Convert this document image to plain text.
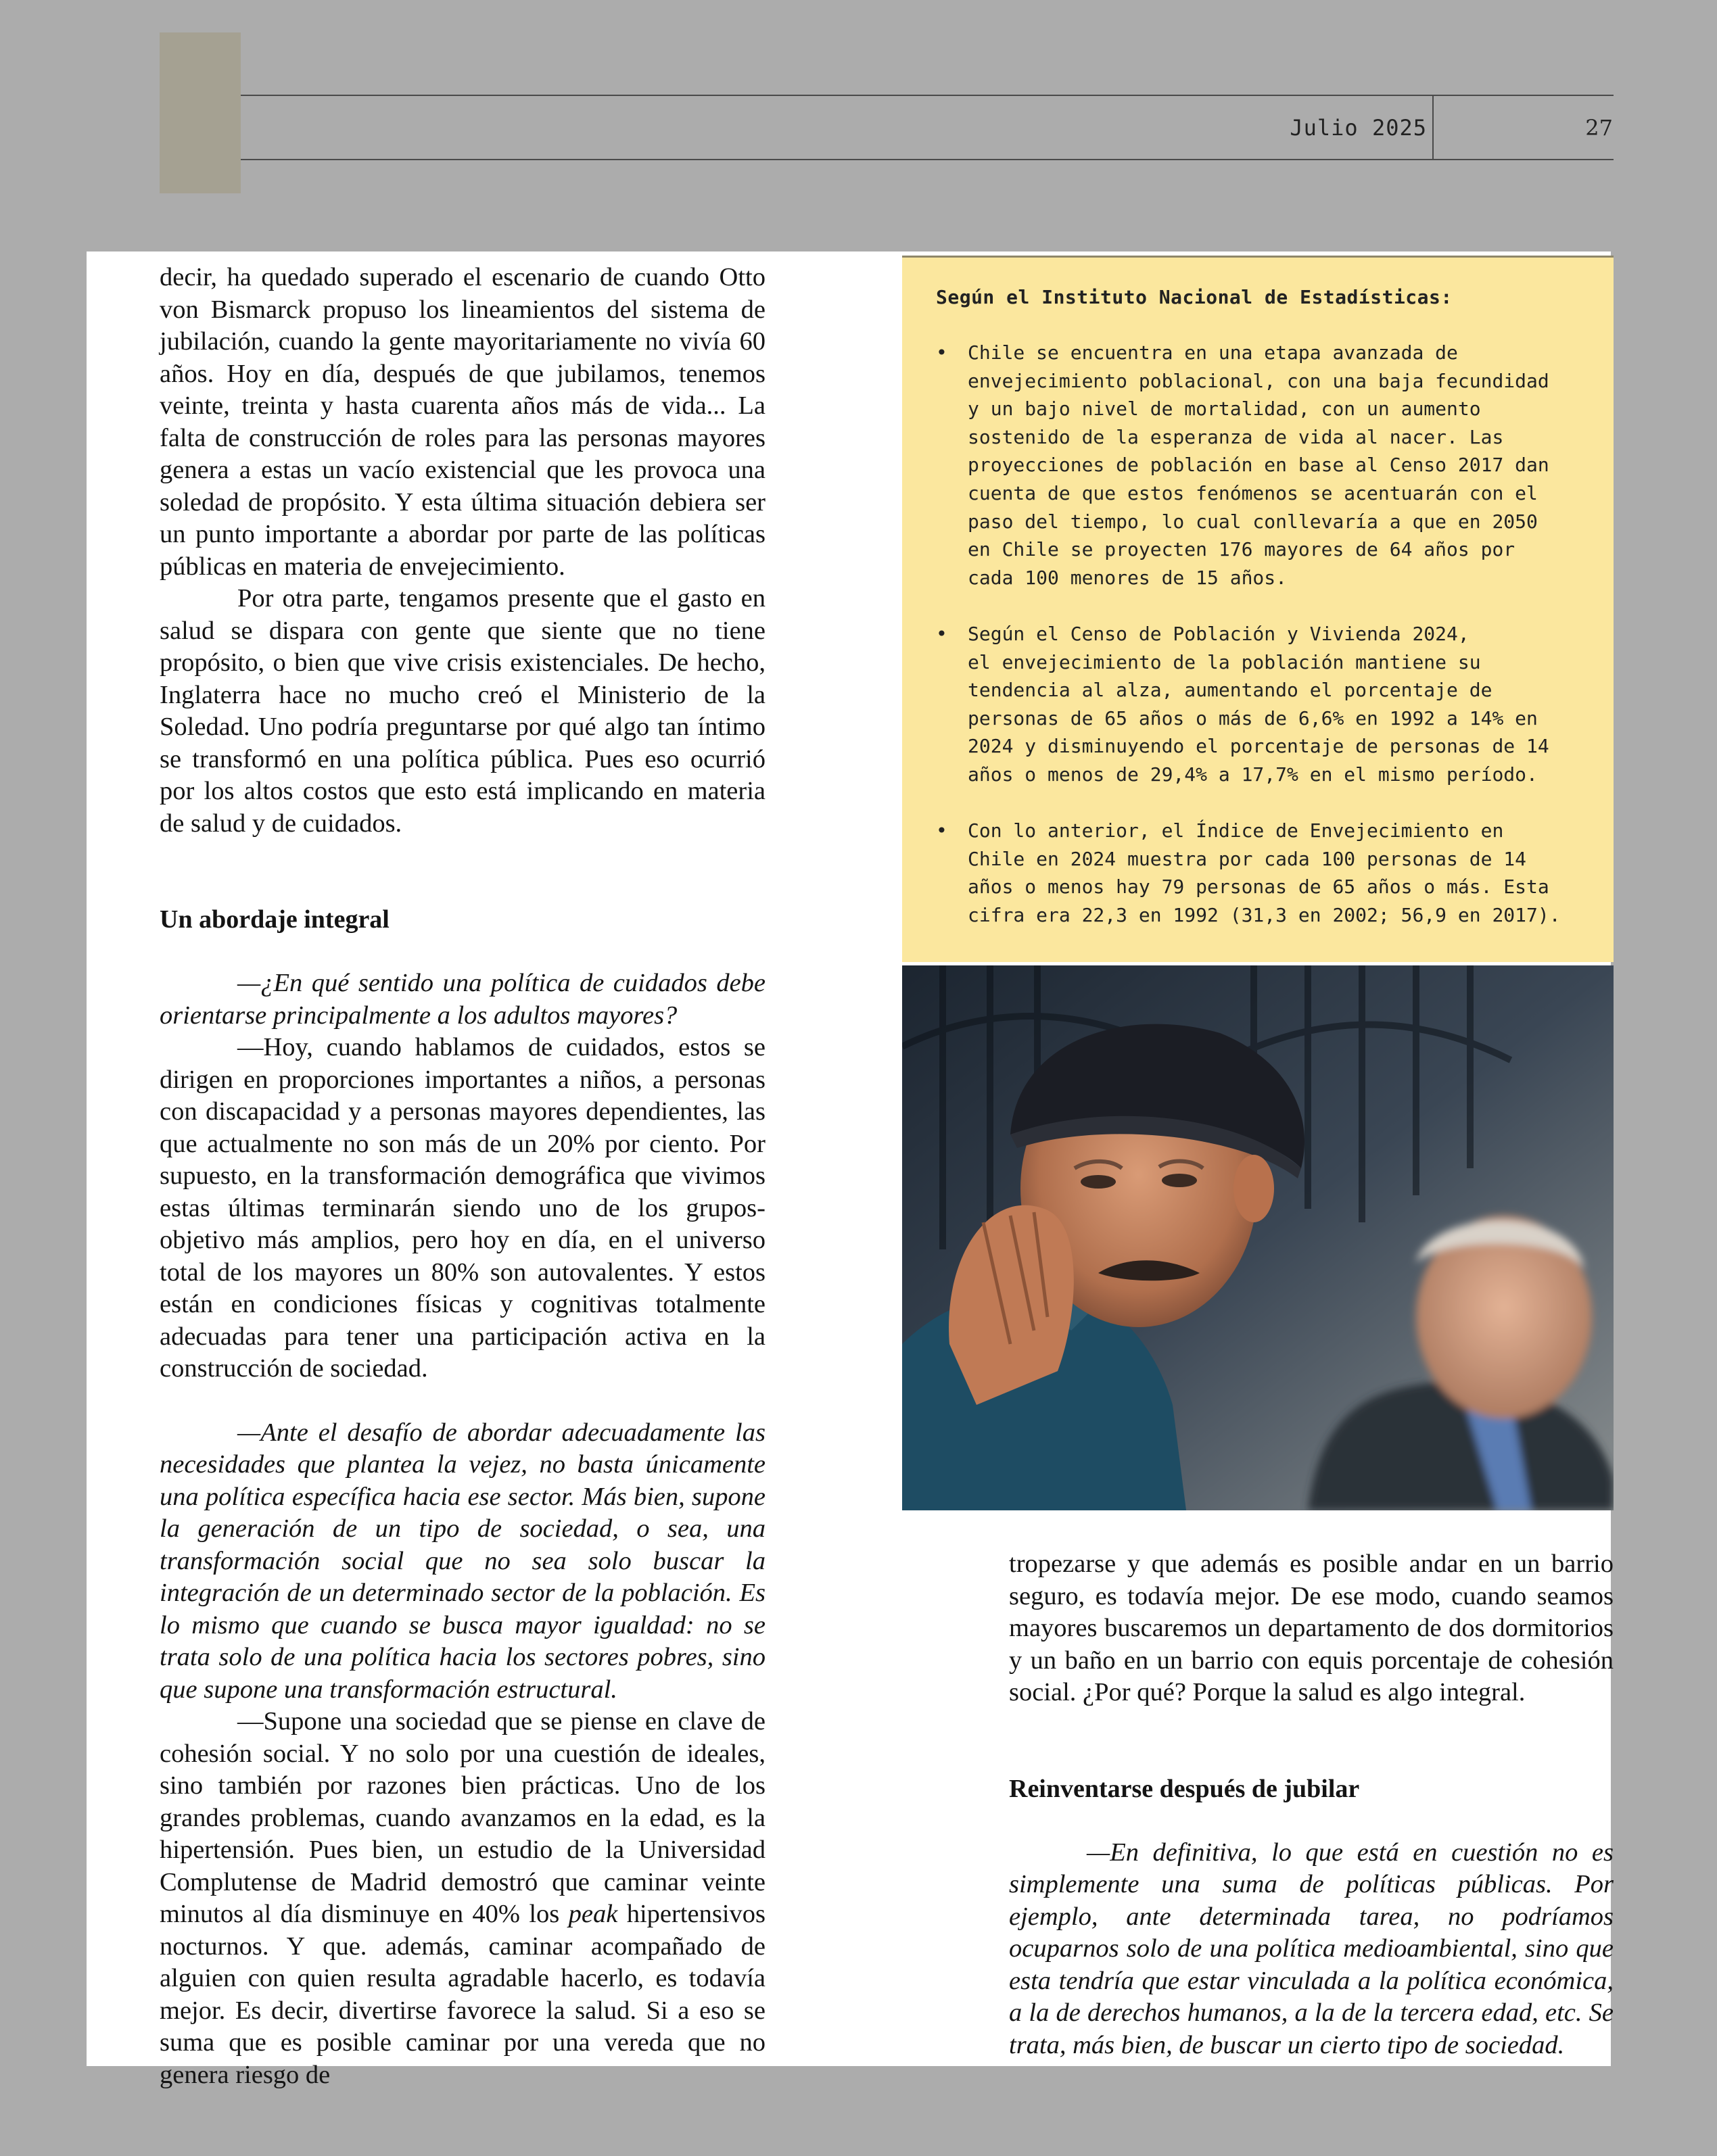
Julio 2025	27

decir, ha quedado superado el escenario de cuando Otto von Bismarck propuso los lineamientos del sistema de jubilación, cuando la gente mayoritariamente no vivía 60 años. Hoy en día, después de que jubilamos, tenemos veinte, treinta y hasta cuarenta años más de vida... La falta de construcción de roles para las personas mayores genera a estas un vacío existencial que les provoca una soledad de propósito. Y esta última situación debiera ser un punto importante a abordar por parte de las políticas públicas en materia de envejecimiento.

Por otra parte, tengamos presente que el gasto en salud se dispara con gente que siente que no tiene propósito, o bien que vive crisis existenciales. De hecho, Inglaterra hace no mucho creó el Ministerio de la Soledad. Uno podría preguntarse por qué algo tan íntimo se transformó en una política pública. Pues eso ocurrió por los altos costos que esto está implicando en materia de salud y de cuidados.

Un abordaje integral

—¿En qué sentido una política de cuidados debe orientarse principalmente a los adultos mayores?

—Hoy, cuando hablamos de cuidados, estos se dirigen en proporciones importantes a niños, a personas con discapacidad y a personas mayores dependientes, las que actualmente no son más de un 20% por ciento. Por supuesto, en la transformación demográfica que vivimos estas últimas terminarán siendo uno de los grupos-objetivo más amplios, pero hoy en día, en el universo total de los mayores un 80% son autovalentes. Y estos están en condiciones físicas y cognitivas totalmente adecuadas para tener una participación activa en la construcción de sociedad.

—Ante el desafío de abordar adecuadamente las necesidades que plantea la vejez, no basta únicamente una política específica hacia ese sector. Más bien, supone la generación de un tipo de sociedad, o sea, una transformación social que no sea solo buscar la integración de un determinado sector de la población. Es lo mismo que cuando se busca mayor igualdad: no se trata solo de una política hacia los sectores pobres, sino que supone una transformación estructural.

—Supone una sociedad que se piense en clave de cohesión social. Y no solo por una cuestión de ideales, sino también por razones bien prácticas. Uno de los grandes problemas, cuando avanzamos en la edad, es la hipertensión. Pues bien, un estudio de la Universidad Complutense de Madrid demostró que caminar veinte minutos al día disminuye en 40% los peak hipertensivos nocturnos. Y que. además, caminar acompañado de alguien con quien resulta agradable hacerlo, es todavía mejor. Es decir, divertirse favorece la salud. Si a eso se suma que es posible caminar por una vereda que no genera riesgo de

Según el Instituto Nacional de Estadísticas:
• Chile se encuentra en una etapa avanzada de
envejecimiento poblacional, con una baja fecundidad
y un bajo nivel de mortalidad, con un aumento
sostenido de la esperanza de vida al nacer. Las
proyecciones de población en base al Censo 2017 dan
cuenta de que estos fenómenos se acentuarán con el
paso del tiempo, lo cual conllevaría a que en 2050
en Chile se proyecten 176 mayores de 64 años por
cada 100 menores de 15 años.
• Según el Censo de Población y Vivienda 2024,
el envejecimiento de la población mantiene su
tendencia al alza, aumentando el porcentaje de
personas de 65 años o más de 6,6% en 1992 a 14% en
2024 y disminuyendo el porcentaje de personas de 14
años o menos de 29,4% a 17,7% en el mismo período.
• Con lo anterior, el Índice de Envejecimiento en
Chile en 2024 muestra por cada 100 personas de 14
años o menos hay 79 personas de 65 años o más. Esta
cifra era 22,3 en 1992 (31,3 en 2002; 56,9 en 2017).

tropezarse y que además es posible andar en un barrio seguro, es todavía mejor. De ese modo, cuando seamos mayores buscaremos un departamento de dos dormitorios y un baño en un barrio con equis porcentaje de cohesión social. ¿Por qué? Porque la salud es algo integral.

Reinventarse después de jubilar

—En definitiva, lo que está en cuestión no es simplemente una suma de políticas públicas. Por ejemplo, ante determinada tarea, no podríamos ocuparnos solo de una política medioambiental, sino que esta tendría que estar vinculada a la política económica, a la de derechos humanos, a la de la tercera edad, etc. Se trata, más bien, de buscar un cierto tipo de sociedad.
